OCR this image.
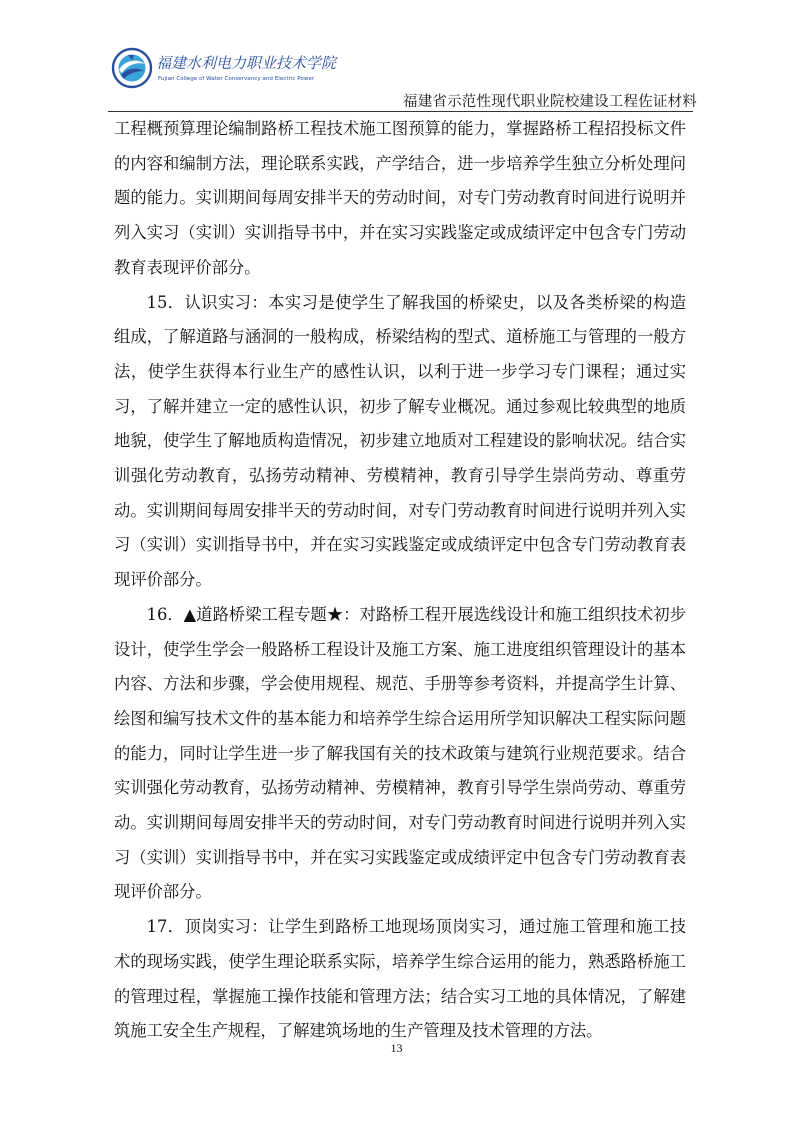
福建水利电力职业技术学院
Fujian College of Water Conservancy and Electric Power
福建省示范性现代职业院校建设工程佐证材料

工程概预算理论编制路桥工程技术施工图预算的能力，掌握路桥工程招投标文件的内容和编制方法，理论联系实践，产学结合，进一步培养学生独立分析处理问题的能力。实训期间每周安排半天的劳动时间，对专门劳动教育时间进行说明并列入实习（实训）实训指导书中，并在实习实践鉴定或成绩评定中包含专门劳动教育表现评价部分。

15．认识实习：本实习是使学生了解我国的桥梁史，以及各类桥梁的构造组成，了解道路与涵洞的一般构成，桥梁结构的型式、道桥施工与管理的一般方法，使学生获得本行业生产的感性认识，以利于进一步学习专门课程；通过实习，了解并建立一定的感性认识，初步了解专业概况。通过参观比较典型的地质地貌，使学生了解地质构造情况，初步建立地质对工程建设的影响状况。结合实训强化劳动教育，弘扬劳动精神、劳模精神，教育引导学生崇尚劳动、尊重劳动。实训期间每周安排半天的劳动时间，对专门劳动教育时间进行说明并列入实习（实训）实训指导书中，并在实习实践鉴定或成绩评定中包含专门劳动教育表现评价部分。

16．▲道路桥梁工程专题★：对路桥工程开展选线设计和施工组织技术初步设计，使学生学会一般路桥工程设计及施工方案、施工进度组织管理设计的基本内容、方法和步骤，学会使用规程、规范、手册等参考资料，并提高学生计算、绘图和编写技术文件的基本能力和培养学生综合运用所学知识解决工程实际问题的能力，同时让学生进一步了解我国有关的技术政策与建筑行业规范要求。结合实训强化劳动教育，弘扬劳动精神、劳模精神，教育引导学生崇尚劳动、尊重劳动。实训期间每周安排半天的劳动时间，对专门劳动教育时间进行说明并列入实习（实训）实训指导书中，并在实习实践鉴定或成绩评定中包含专门劳动教育表现评价部分。

17．顶岗实习：让学生到路桥工地现场顶岗实习，通过施工管理和施工技术的现场实践，使学生理论联系实际，培养学生综合运用的能力，熟悉路桥施工的管理过程，掌握施工操作技能和管理方法；结合实习工地的具体情况，了解建筑施工安全生产规程，了解建筑场地的生产管理及技术管理的方法。

13
